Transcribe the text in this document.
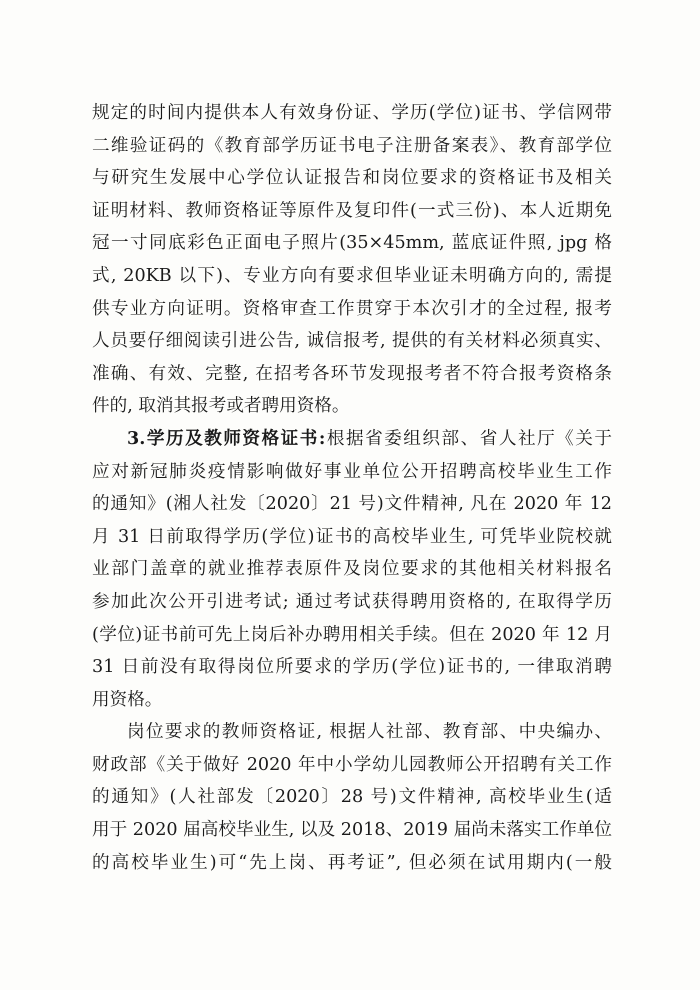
规定的时间内提供本人有效身份证、学历(学位)证书、学信网带
二维验证码的《教育部学历证书电子注册备案表》、教育部学位
与研究生发展中心学位认证报告和岗位要求的资格证书及相关
证明材料、教师资格证等原件及复印件(一式三份)、本人近期免
冠一寸同底彩色正面电子照片(35×45mm, 蓝底证件照, jpg 格
式, 20KB 以下)、专业方向有要求但毕业证未明确方向的, 需提
供专业方向证明。资格审查工作贯穿于本次引才的全过程, 报考
人员要仔细阅读引进公告, 诚信报考, 提供的有关材料必须真实、
准确、有效、完整, 在招考各环节发现报考者不符合报考资格条
件的, 取消其报考或者聘用资格。
3.学历及教师资格证书:根据省委组织部、省人社厅《关于
应对新冠肺炎疫情影响做好事业单位公开招聘高校毕业生工作
的通知》(湘人社发〔2020〕21 号)文件精神, 凡在 2020 年 12
月 31 日前取得学历(学位)证书的高校毕业生, 可凭毕业院校就
业部门盖章的就业推荐表原件及岗位要求的其他相关材料报名
参加此次公开引进考试; 通过考试获得聘用资格的, 在取得学历
(学位)证书前可先上岗后补办聘用相关手续。但在 2020 年 12 月
31 日前没有取得岗位所要求的学历(学位)证书的, 一律取消聘
用资格。
岗位要求的教师资格证, 根据人社部、教育部、中央编办、
财政部《关于做好 2020 年中小学幼儿园教师公开招聘有关工作
的通知》(人社部发〔2020〕28 号)文件精神, 高校毕业生(适
用于 2020 届高校毕业生, 以及 2018、2019 届尚未落实工作单位
的高校毕业生)可“先上岗、再考证”, 但必须在试用期内(一般
